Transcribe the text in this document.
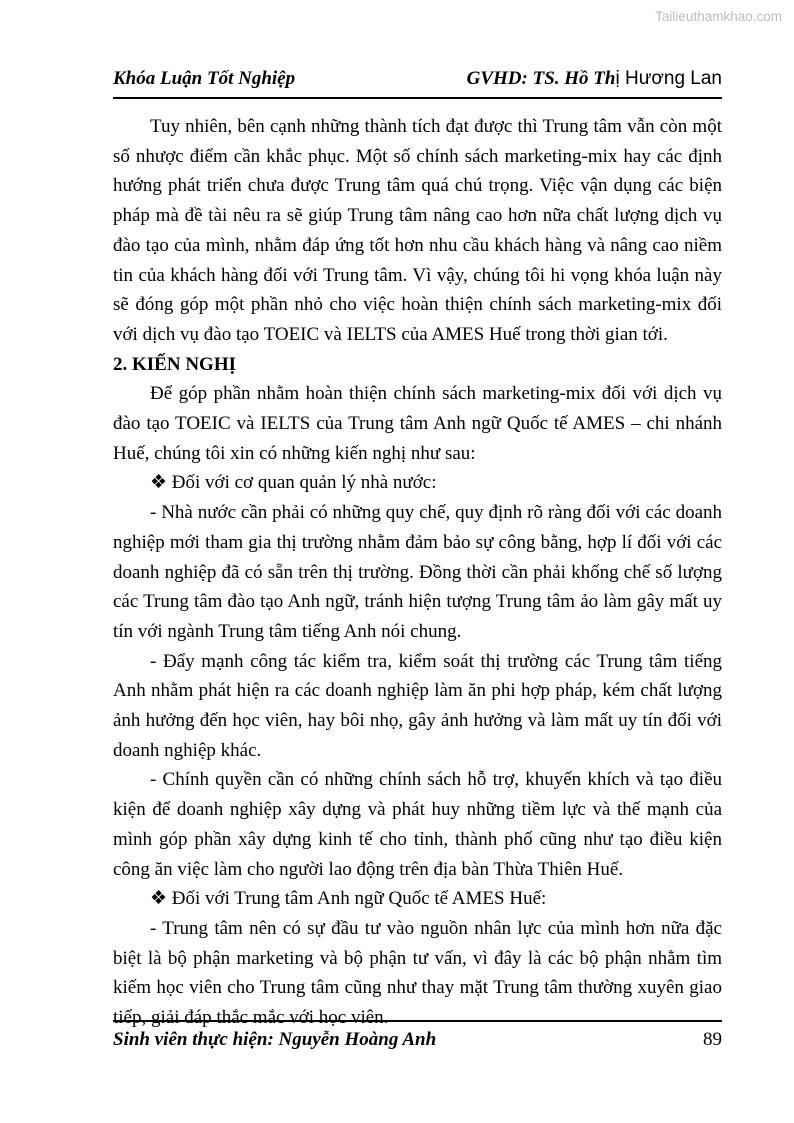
Tailieuthamkhao.com
Khóa Luận Tốt Nghiệp	GVHD: TS. Hồ Thị Hương Lan

Tuy nhiên, bên cạnh những thành tích đạt được thì Trung tâm vẫn còn một số nhược điểm cần khắc phục. Một số chính sách marketing-mix hay các định hướng phát triển chưa được Trung tâm quá chú trọng. Việc vận dụng các biện pháp mà đề tài nêu ra sẽ giúp Trung tâm nâng cao hơn nữa chất lượng dịch vụ đào tạo của mình, nhằm đáp ứng tốt hơn nhu cầu khách hàng và nâng cao niềm tin của khách hàng đối với Trung tâm. Vì vậy, chúng tôi hi vọng khóa luận này sẽ đóng góp một phần nhỏ cho việc hoàn thiện chính sách marketing-mix đối với dịch vụ đào tạo TOEIC và IELTS của AMES Huế trong thời gian tới.

2. KIẾN NGHỊ

Để góp phần nhằm hoàn thiện chính sách marketing-mix đối với dịch vụ đào tạo TOEIC và IELTS của Trung tâm Anh ngữ Quốc tế AMES – chi nhánh Huế, chúng tôi xin có những kiến nghị như sau:

❖ Đối với cơ quan quản lý nhà nước:

- Nhà nước cần phải có những quy chế, quy định rõ ràng đối với các doanh nghiệp mới tham gia thị trường nhằm đảm bảo sự công bằng, hợp lí đối với các doanh nghiệp đã có sẵn trên thị trường. Đồng thời cần phải khống chế số lượng các Trung tâm đào tạo Anh ngữ, tránh hiện tượng Trung tâm ảo làm gây mất uy tín với ngành Trung tâm tiếng Anh nói chung.

- Đẩy mạnh công tác kiểm tra, kiểm soát thị trường các Trung tâm tiếng Anh nhằm phát hiện ra các doanh nghiệp làm ăn phi hợp pháp, kém chất lượng ảnh hưởng đến học viên, hay bôi nhọ, gây ảnh hưởng và làm mất uy tín đối với doanh nghiệp khác.

- Chính quyền cần có những chính sách hỗ trợ, khuyến khích và tạo điều kiện để doanh nghiệp xây dựng và phát huy những tiềm lực và thế mạnh của mình góp phần xây dựng kinh tế cho tỉnh, thành phố cũng như tạo điều kiện công ăn việc làm cho người lao động trên địa bàn Thừa Thiên Huế.

❖ Đối với Trung tâm Anh ngữ Quốc tế AMES Huế:

- Trung tâm nên có sự đầu tư vào nguồn nhân lực của mình hơn nữa đặc biệt là bộ phận marketing và bộ phận tư vấn, vì đây là các bộ phận nhằm tìm kiếm học viên cho Trung tâm cũng như thay mặt Trung tâm thường xuyên giao tiếp, giải đáp thắc mắc với học viên.

Sinh viên thực hiện: Nguyễn Hoàng Anh	89
